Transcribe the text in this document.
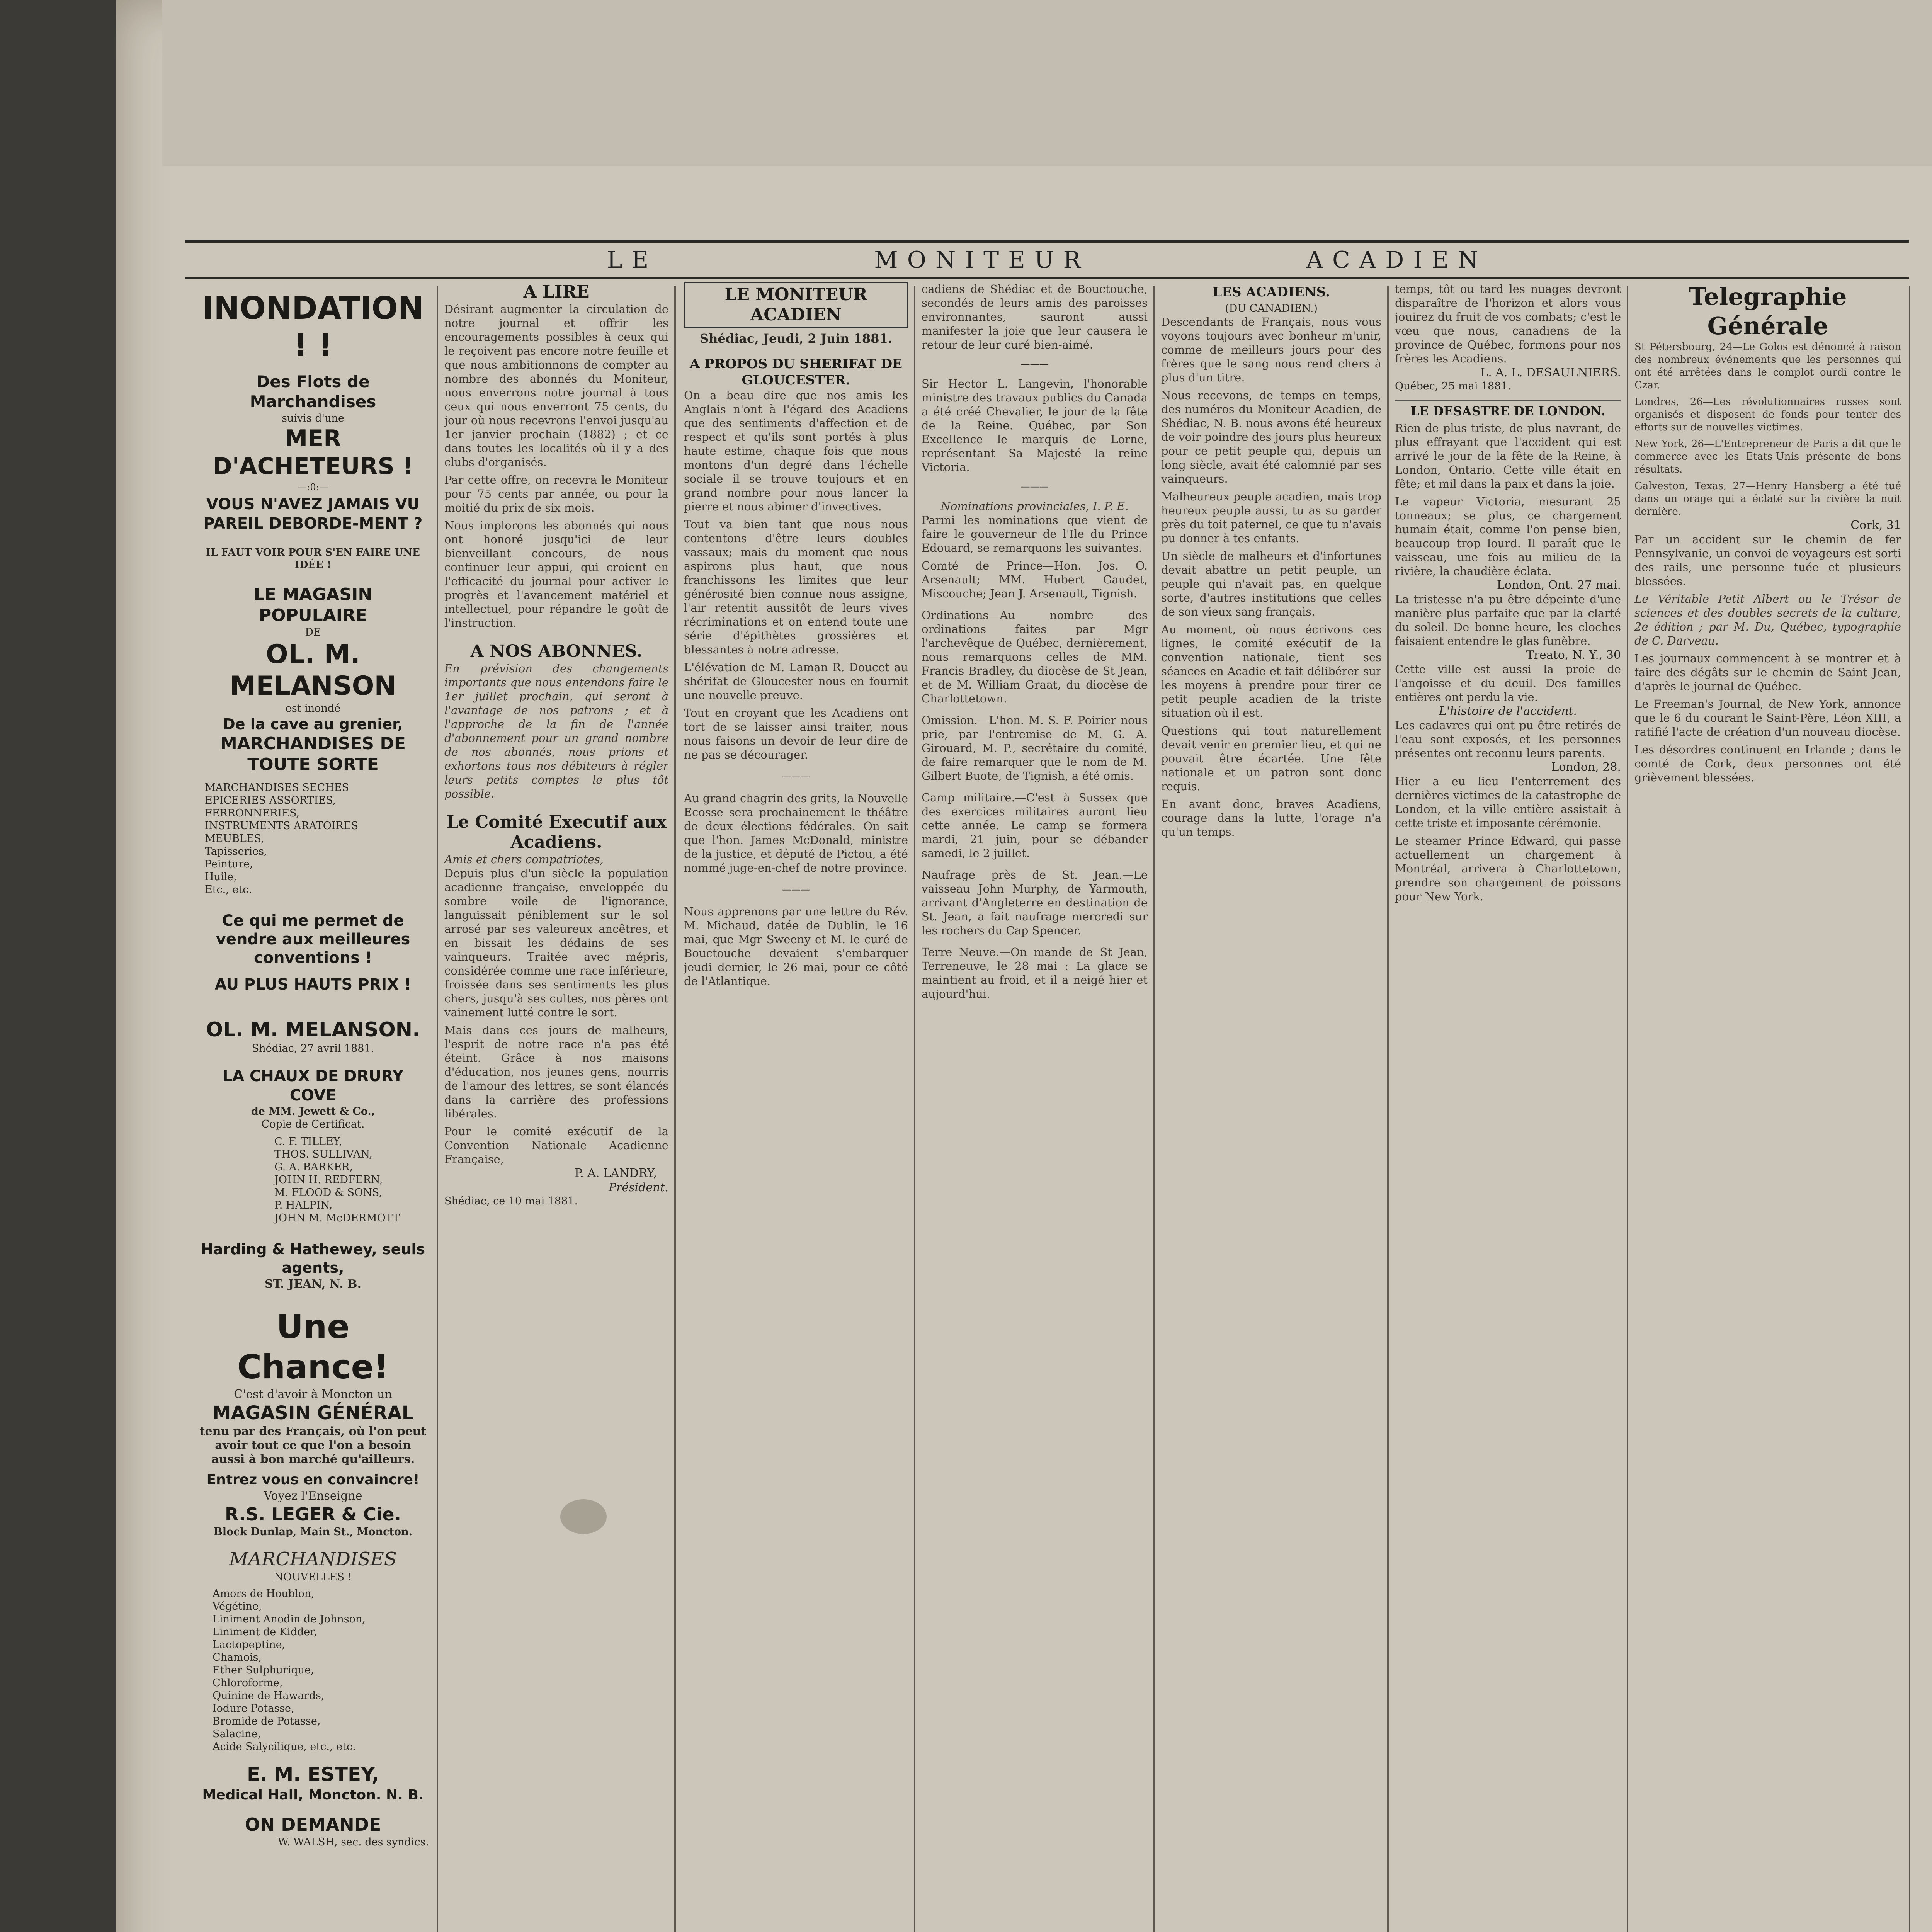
LE	MONITEUR	ACADIEN
INONDATION ! !
Des Flots de Marchandises
suivis d'une
MER D'ACHETEURS !
—:0:—
VOUS N'AVEZ JAMAIS VU PAREIL DEBORDE-MENT ?
IL FAUT VOIR POUR S'EN FAIRE UNE IDÉE !
LE MAGASIN POPULAIRE
DE
OL. M. MELANSON
est inondé
De la cave au grenier,
MARCHANDISES DE TOUTE SORTE
MARCHANDISES SECHES
EPICERIES ASSORTIES,
FERRONNERIES,
INSTRUMENTS ARATOIRES
MEUBLES,
Tapisseries,
Peinture,
Huile,
Etc., etc.
Ce qui me permet de vendre aux meilleures conventions !
AU PLUS HAUTS PRIX !
OL. M. MELANSON.
Shédiac, 27 avril 1881.
LA CHAUX DE DRURY COVE
de MM. Jewett & Co.,
Copie de Certificat.
C. F. TILLEY,
THOS. SULLIVAN,
G. A. BARKER,
JOHN H. REDFERN,
M. FLOOD & SONS,
P. HALPIN,
JOHN M. McDERMOTT
Harding & Hathewey, seuls agents,
ST. JEAN, N. B.
Une Chance!
C'est d'avoir à Moncton un
MAGASIN GÉNÉRAL
tenu par des Français, où l'on peut avoir tout ce que l'on a besoin aussi à bon marché qu'ailleurs.
Entrez vous en convaincre!
Voyez l'Enseigne
R.S. LEGER & Cie.
Block Dunlap, Main St., Moncton.
MARCHANDISES
NOUVELLES !
Amors de Houblon,
Végétine,
Liniment Anodin de Johnson,
Liniment de Kidder,
Lactopeptine,
Chamois,
Ether Sulphurique,
Chloroforme,
Quinine de Hawards,
Iodure Potasse,
Bromide de Potasse,
Salacine,
Acide Salycilique, etc., etc.
E. M. ESTEY,
Medical Hall, Moncton. N. B.
ON DEMANDE
W. WALSH, sec. des syndics.
A LIRE
Désirant augmenter la circulation de notre journal et offrir les encouragements possibles à ceux qui le reçoivent pas encore notre feuille et que nous ambitionnons de compter au nombre des abonnés du Moniteur, nous enverrons notre journal à tous ceux qui nous enverront 75 cents, du jour où nous recevrons l'envoi jusqu'au 1er janvier prochain (1882) ; et ce dans toutes les localités où il y a des clubs d'organisés.
Par cette offre, on recevra le Moniteur pour 75 cents par année, ou pour la moitié du prix de six mois.
Nous implorons les abonnés qui nous ont honoré jusqu'ici de leur bienveillant concours, de nous continuer leur appui, qui croient en l'efficacité du journal pour activer le progrès et l'avancement matériel et intellectuel, pour répandre le goût de l'instruction.
A NOS ABONNES.
En prévision des changements importants que nous entendons faire le 1er juillet prochain, qui seront à l'avantage de nos patrons ; et à l'approche de la fin de l'année d'abonnement pour un grand nombre de nos abonnés, nous prions et exhortons tous nos débiteurs à régler leurs petits comptes le plus tôt possible.
Le Comité Executif aux Acadiens.
Amis et chers compatriotes,
Depuis plus d'un siècle la population acadienne française, enveloppée du sombre voile de l'ignorance, languissait péniblement sur le sol arrosé par ses valeureux ancêtres, et en bissait les dédains de ses vainqueurs. Traitée avec mépris, considérée comme une race inférieure, froissée dans ses sentiments les plus chers, jusqu'à ses cultes, nos pères ont vainement lutté contre le sort.
Mais dans ces jours de malheurs, l'esprit de notre race n'a pas été éteint. Grâce à nos maisons d'éducation, nos jeunes gens, nourris de l'amour des lettres, se sont élancés dans la carrière des professions libérales.
Pour le comité exécutif de la Convention Nationale Acadienne Française,
P. A. LANDRY,
Président.
Shédiac, ce 10 mai 1881.
LE MONITEUR ACADIEN
Shédiac, Jeudi, 2 Juin 1881.
A PROPOS DU SHERIFAT DE GLOUCESTER.
On a beau dire que nos amis les Anglais n'ont à l'égard des Acadiens que des sentiments d'affection et de respect et qu'ils sont portés à plus haute estime, chaque fois que nous montons d'un degré dans l'échelle sociale il se trouve toujours et en grand nombre pour nous lancer la pierre et nous abîmer d'invectives.
Tout va bien tant que nous nous contentons d'être leurs doubles vassaux; mais du moment que nous aspirons plus haut, que nous franchissons les limites que leur générosité bien connue nous assigne, l'air retentit aussitôt de leurs vives récriminations et on entend toute une série d'épithètes grossières et blessantes à notre adresse.
L'élévation de M. Laman R. Doucet au shérifat de Gloucester nous en fournit une nouvelle preuve.
Tout en croyant que les Acadiens ont tort de se laisser ainsi traiter, nous nous faisons un devoir de leur dire de ne pas se décourager.
———
Au grand chagrin des grits, la Nouvelle Ecosse sera prochainement le théâtre de deux élections fédérales. On sait que l'hon. James McDonald, ministre de la justice, et député de Pictou, a été nommé juge-en-chef de notre province.
———
Nous apprenons par une lettre du Rév. M. Michaud, datée de Dublin, le 16 mai, que Mgr Sweeny et M. le curé de Bouctouche devaient s'embarquer jeudi dernier, le 26 mai, pour ce côté de l'Atlantique.
cadiens de Shédiac et de Bouctouche, secondés de leurs amis des paroisses environnantes, sauront aussi manifester la joie que leur causera le retour de leur curé bien-aimé.
———
Sir Hector L. Langevin, l'honorable ministre des travaux publics du Canada a été créé Chevalier, le jour de la fête de la Reine. Québec, par Son Excellence le marquis de Lorne, représentant Sa Majesté la reine Victoria.
———
Nominations provinciales, I. P. E.
Parmi les nominations que vient de faire le gouverneur de l'Ile du Prince Edouard, se remarquons les suivantes.
Comté de Prince—Hon. Jos. O. Arsenault; MM. Hubert Gaudet, Miscouche; Jean J. Arsenault, Tignish.
Ordinations—Au nombre des ordinations faites par Mgr l'archevêque de Québec, dernièrement, nous remarquons celles de MM. Francis Bradley, du diocèse de St Jean, et de M. William Graat, du diocèse de Charlottetown.
Omission.—L'hon. M. S. F. Poirier nous prie, par l'entremise de M. G. A. Girouard, M. P., secrétaire du comité, de faire remarquer que le nom de M. Gilbert Buote, de Tignish, a été omis.
Camp militaire.—C'est à Sussex que des exercices militaires auront lieu cette année. Le camp se formera mardi, 21 juin, pour se débander samedi, le 2 juillet.
Naufrage près de St. Jean.—Le vaisseau John Murphy, de Yarmouth, arrivant d'Angleterre en destination de St. Jean, a fait naufrage mercredi sur les rochers du Cap Spencer.
Terre Neuve.—On mande de St Jean, Terreneuve, le 28 mai : La glace se maintient au froid, et il a neigé hier et aujourd'hui.
LES ACADIENS.
(DU CANADIEN.)
Descendants de Français, nous vous voyons toujours avec bonheur m'unir, comme de meilleurs jours pour des frères que le sang nous rend chers à plus d'un titre.
Nous recevons, de temps en temps, des numéros du Moniteur Acadien, de Shédiac, N. B. nous avons été heureux de voir poindre des jours plus heureux pour ce petit peuple qui, depuis un long siècle, avait été calomnié par ses vainqueurs.
Malheureux peuple acadien, mais trop heureux peuple aussi, tu as su garder près du toit paternel, ce que tu n'avais pu donner à tes enfants.
Un siècle de malheurs et d'infortunes devait abattre un petit peuple, un peuple qui n'avait pas, en quelque sorte, d'autres institutions que celles de son vieux sang français.
Au moment, où nous écrivons ces lignes, le comité exécutif de la convention nationale, tient ses séances en Acadie et fait délibérer sur les moyens à prendre pour tirer ce petit peuple acadien de la triste situation où il est.
Questions qui tout naturellement devait venir en premier lieu, et qui ne pouvait être écartée. Une fête nationale et un patron sont donc requis.
En avant donc, braves Acadiens, courage dans la lutte, l'orage n'a qu'un temps.
temps, tôt ou tard les nuages devront disparaître de l'horizon et alors vous jouirez du fruit de vos combats; c'est le vœu que nous, canadiens de la province de Québec, formons pour nos frères les Acadiens.
L. A. L. DESAULNIERS.
Québec, 25 mai 1881.
LE DESASTRE DE LONDON.
Rien de plus triste, de plus navrant, de plus effrayant que l'accident qui est arrivé le jour de la fête de la Reine, à London, Ontario. Cette ville était en fête; et mil dans la paix et dans la joie.
Le vapeur Victoria, mesurant 25 tonneaux; se plus, ce chargement humain était, comme l'on pense bien, beaucoup trop lourd. Il paraît que le vaisseau, une fois au milieu de la rivière, la chaudière éclata.
London, Ont. 27 mai.
La tristesse n'a pu être dépeinte d'une manière plus parfaite que par la clarté du soleil. De bonne heure, les cloches faisaient entendre le glas funèbre.
Treato, N. Y., 30
Cette ville est aussi la proie de l'angoisse et du deuil. Des familles entières ont perdu la vie.
L'histoire de l'accident.
Les cadavres qui ont pu être retirés de l'eau sont exposés, et les personnes présentes ont reconnu leurs parents.
London, 28.
Hier a eu lieu l'enterrement des dernières victimes de la catastrophe de London, et la ville entière assistait à cette triste et imposante cérémonie.
Le steamer Prince Edward, qui passe actuellement un chargement à Montréal, arrivera à Charlottetown, prendre son chargement de poissons pour New York.
Telegraphie Générale
St Pétersbourg, 24—Le Golos est dénoncé à raison des nombreux événements que les personnes qui ont été arrêtées dans le complot ourdi contre le Czar.
Londres, 26—Les révolutionnaires russes sont organisés et disposent de fonds pour tenter des efforts sur de nouvelles victimes.
New York, 26—L'Entrepreneur de Paris a dit que le commerce avec les Etats-Unis présente de bons résultats.
Galveston, Texas, 27—Henry Hansberg a été tué dans un orage qui a éclaté sur la rivière la nuit dernière.
Cork, 31
Par un accident sur le chemin de fer Pennsylvanie, un convoi de voyageurs est sorti des rails, une personne tuée et plusieurs blessées.
Le Véritable Petit Albert ou le Trésor de sciences et des doubles secrets de la culture, 2e édition ; par M. Du, Québec, typographie de C. Darveau.
Les journaux commencent à se montrer et à faire des dégâts sur le chemin de Saint Jean, d'après le journal de Québec.
Le Freeman's Journal, de New York, annonce que le 6 du courant le Saint-Père, Léon XIII, a ratifié l'acte de création d'un nouveau diocèse.
Les désordres continuent en Irlande ; dans le comté de Cork, deux personnes ont été grièvement blessées.
